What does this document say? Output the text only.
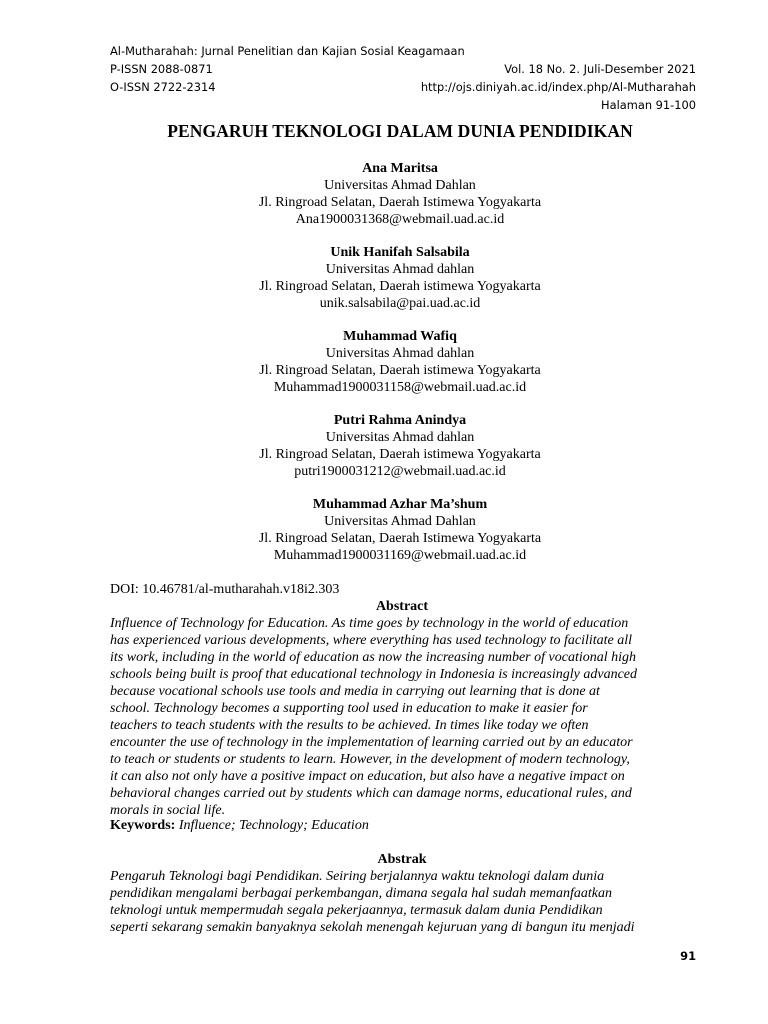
Al-Mutharahah: Jurnal Penelitian dan Kajian Sosial Keagamaan
P-ISSN 2088-0871	Vol. 18 No. 2. Juli-Desember 2021
O-ISSN 2722-2314	http://ojs.diniyah.ac.id/index.php/Al-Mutharahah
Halaman 91-100
PENGARUH TEKNOLOGI DALAM DUNIA PENDIDIKAN
Ana Maritsa
Universitas Ahmad Dahlan
Jl. Ringroad Selatan, Daerah Istimewa Yogyakarta
Ana1900031368@webmail.uad.ac.id
Unik Hanifah Salsabila
Universitas Ahmad dahlan
Jl. Ringroad Selatan, Daerah istimewa Yogyakarta
unik.salsabila@pai.uad.ac.id
Muhammad Wafiq
Universitas Ahmad dahlan
Jl. Ringroad Selatan, Daerah istimewa Yogyakarta
Muhammad1900031158@webmail.uad.ac.id
Putri Rahma Anindya
Universitas Ahmad dahlan
Jl. Ringroad Selatan, Daerah istimewa Yogyakarta
putri1900031212@webmail.uad.ac.id
Muhammad Azhar Ma’shum
Universitas Ahmad Dahlan
Jl. Ringroad Selatan, Daerah Istimewa Yogyakarta
Muhammad1900031169@webmail.uad.ac.id
DOI: 10.46781/al-mutharahah.v18i2.303
Abstract
Influence of Technology for Education. As time goes by technology in the world of education
has experienced various developments, where everything has used technology to facilitate all
its work, including in the world of education as now the increasing number of vocational high
schools being built is proof that educational technology in Indonesia is increasingly advanced
because vocational schools use tools and media in carrying out learning that is done at
school. Technology becomes a supporting tool used in education to make it easier for
teachers to teach students with the results to be achieved. In times like today we often
encounter the use of technology in the implementation of learning carried out by an educator
to teach or students or students to learn. However, in the development of modern technology,
it can also not only have a positive impact on education, but also have a negative impact on
behavioral changes carried out by students which can damage norms, educational rules, and
morals in social life.
Keywords: Influence; Technology; Education
Abstrak
Pengaruh Teknologi bagi Pendidikan. Seiring berjalannya waktu teknologi dalam dunia
pendidikan mengalami berbagai perkembangan, dimana segala hal sudah memanfaatkan
teknologi untuk mempermudah segala pekerjaannya, termasuk dalam dunia Pendidikan
seperti sekarang semakin banyaknya sekolah menengah kejuruan yang di bangun itu menjadi
91
